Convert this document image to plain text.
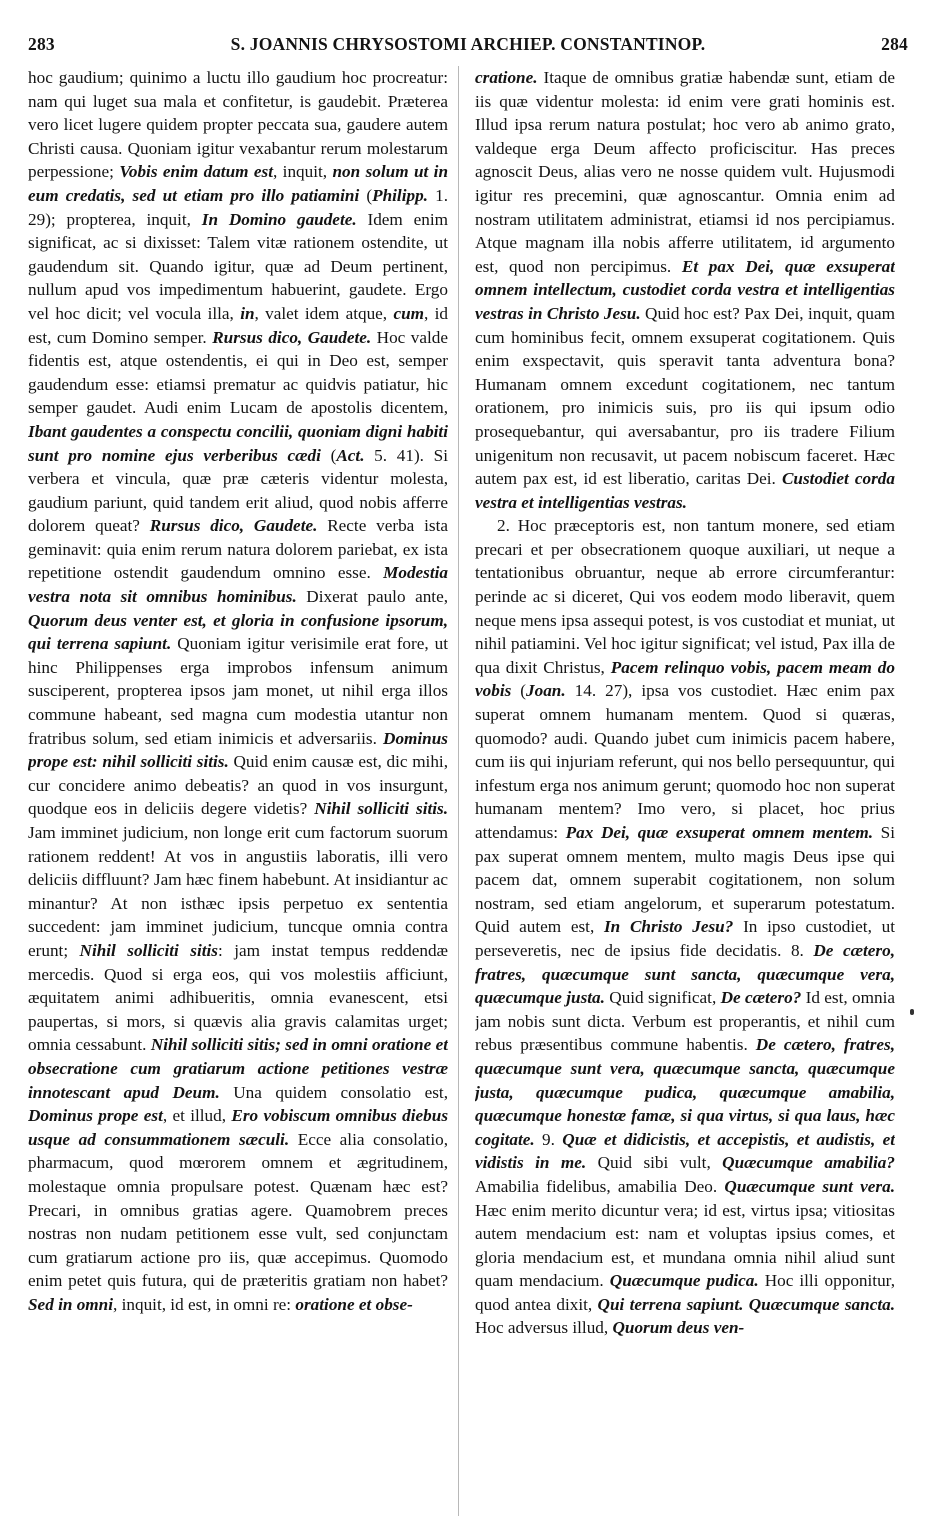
283	S. JOANNIS CHRYSOSTOMI ARCHIEP. CONSTANTINOP.	284

hoc gaudium; quinimo a luctu illo gaudium hoc procreatur: nam qui luget sua mala et confitetur, is gaudebit. Præterea vero licet lugere quidem propter peccata sua, gaudere autem Christi causa. Quoniam igitur vexabantur rerum molestarum perpessione; Vobis enim datum est, inquit, non solum ut in eum credatis, sed ut etiam pro illo patiamini (Philipp. 1. 29); propterea, inquit, In Domino gaudete. Idem enim significat, ac si dixisset: Talem vitæ rationem ostendite, ut gaudendum sit. Quando igitur, quæ ad Deum pertinent, nullum apud vos impedimentum habuerint, gaudete. Ergo vel hoc dicit; vel vocula illa, in, valet idem atque, cum, id est, cum Domino semper. Rursus dico, Gaudete. Hoc valde fidentis est, atque ostendentis, ei qui in Deo est, semper gaudendum esse: etiamsi prematur ac quidvis patiatur, hic semper gaudet. Audi enim Lucam de apostolis dicentem, Ibant gaudentes a conspectu concilii, quoniam digni habiti sunt pro nomine ejus verberibus cædi (Act. 5. 41). Si verbera et vincula, quæ præ cæteris videntur molesta, gaudium pariunt, quid tandem erit aliud, quod nobis afferre dolorem queat? Rursus dico, Gaudete. Recte verba ista geminavit: quia enim rerum natura dolorem pariebat, ex ista repetitione ostendit gaudendum omnino esse. Modestia vestra nota sit omnibus hominibus. Dixerat paulo ante, Quorum deus venter est, et gloria in confusione ipsorum, qui terrena sapiunt. Quoniam igitur verisimile erat fore, ut hinc Philippenses erga improbos infensum animum susciperent, propterea ipsos jam monet, ut nihil erga illos commune habeant, sed magna cum modestia utantur non fratribus solum, sed etiam inimicis et adversariis. Dominus prope est: nihil solliciti sitis. Quid enim causæ est, dic mihi, cur concidere animo debeatis? an quod in vos insurgunt, quodque eos in deliciis degere videtis? Nihil solliciti sitis. Jam imminet judicium, non longe erit cum factorum suorum rationem reddent! At vos in angustiis laboratis, illi vero deliciis diffluunt? Jam hæc finem habebunt. At insidiantur ac minantur? At non isthæc ipsis perpetuo ex sententia succedent: jam imminet judicium, tuncque omnia contra erunt; Nihil solliciti sitis: jam instat tempus reddendæ mercedis. Quod si erga eos, qui vos molestiis afficiunt, æquitatem animi adhibueritis, omnia evanescent, etsi paupertas, si mors, si quævis alia gravis calamitas urget; omnia cessabunt. Nihil solliciti sitis; sed in omni oratione et obsecratione cum gratiarum actione petitiones vestræ innotescant apud Deum. Una quidem consolatio est, Dominus prope est, et illud, Ero vobiscum omnibus diebus usque ad consummationem sæculi. Ecce alia consolatio, pharmacum, quod mœrorem omnem et ægritudinem, molestaque omnia propulsare potest. Quænam hæc est? Precari, in omnibus gratias agere. Quamobrem preces nostras non nudam petitionem esse vult, sed conjunctam cum gratiarum actione pro iis, quæ accepimus. Quomodo enim petet quis futura, qui de præteritis gratiam non habet? Sed in omni, inquit, id est, in omni re: oratione et obse-

cratione. Itaque de omnibus gratiæ habendæ sunt, etiam de iis quæ videntur molesta: id enim vere grati hominis est. Illud ipsa rerum natura postulat; hoc vero ab animo grato, valdeque erga Deum affecto proficiscitur. Has preces agnoscit Deus, alias vero ne nosse quidem vult. Hujusmodi igitur res precemini, quæ agnoscantur. Omnia enim ad nostram utilitatem administrat, etiamsi id nos percipiamus. Atque magnam illa nobis afferre utilitatem, id argumento est, quod non percipimus. Et pax Dei, quæ exsuperat omnem intellectum, custodiet corda vestra et intelligentias vestras in Christo Jesu. Quid hoc est? Pax Dei, inquit, quam cum hominibus fecit, omnem exsuperat cogitationem. Quis enim exspectavit, quis speravit tanta adventura bona? Humanam omnem excedunt cogitationem, nec tantum orationem, pro inimicis suis, pro iis qui ipsum odio prosequebantur, qui aversabantur, pro iis tradere Filium unigenitum non recusavit, ut pacem nobiscum faceret. Hæc autem pax est, id est liberatio, caritas Dei. Custodiet corda vestra et intelligentias vestras.

2. Hoc præceptoris est, non tantum monere, sed etiam precari et per obsecrationem quoque auxiliari, ut neque a tentationibus obruantur, neque ab errore circumferantur: perinde ac si diceret, Qui vos eodem modo liberavit, quem neque mens ipsa assequi potest, is vos custodiat et muniat, ut nihil patiamini. Vel hoc igitur significat; vel istud, Pax illa de qua dixit Christus, Pacem relinquo vobis, pacem meam do vobis (Joan. 14. 27), ipsa vos custodiet. Hæc enim pax superat omnem humanam mentem. Quod si quæras, quomodo? audi. Quando jubet cum inimicis pacem habere, cum iis qui injuriam referunt, qui nos bello persequuntur, qui infestum erga nos animum gerunt; quomodo hoc non superat humanam mentem? Imo vero, si placet, hoc prius attendamus: Pax Dei, quæ exsuperat omnem mentem. Si pax superat omnem mentem, multo magis Deus ipse qui pacem dat, omnem superabit cogitationem, non solum nostram, sed etiam angelorum, et superarum potestatum. Quid autem est, In Christo Jesu? In ipso custodiet, ut perseveretis, nec de ipsius fide decidatis. 8. De cætero, fratres, quæcumque sunt sancta, quæcumque vera, quæcumque justa. Quid significat, De cætero? Id est, omnia jam nobis sunt dicta. Verbum est properantis, et nihil cum rebus præsentibus commune habentis. De cætero, fratres, quæcumque sunt vera, quæcumque sancta, quæcumque justa, quæcumque pudica, quæcumque amabilia, quæcumque honestæ famæ, si qua virtus, si qua laus, hæc cogitate. 9. Quæ et didicistis, et accepistis, et audistis, et vidistis in me. Quid sibi vult, Quæcumque amabilia? Amabilia fidelibus, amabilia Deo. Quæcumque sunt vera. Hæc enim merito dicuntur vera; id est, virtus ipsa; vitiositas autem mendacium est: nam et voluptas ipsius comes, et gloria mendacium est, et mundana omnia nihil aliud sunt quam mendacium. Quæcumque pudica. Hoc illi opponitur, quod antea dixit, Qui terrena sapiunt. Quæcumque sancta. Hoc adversus illud, Quorum deus ven-
